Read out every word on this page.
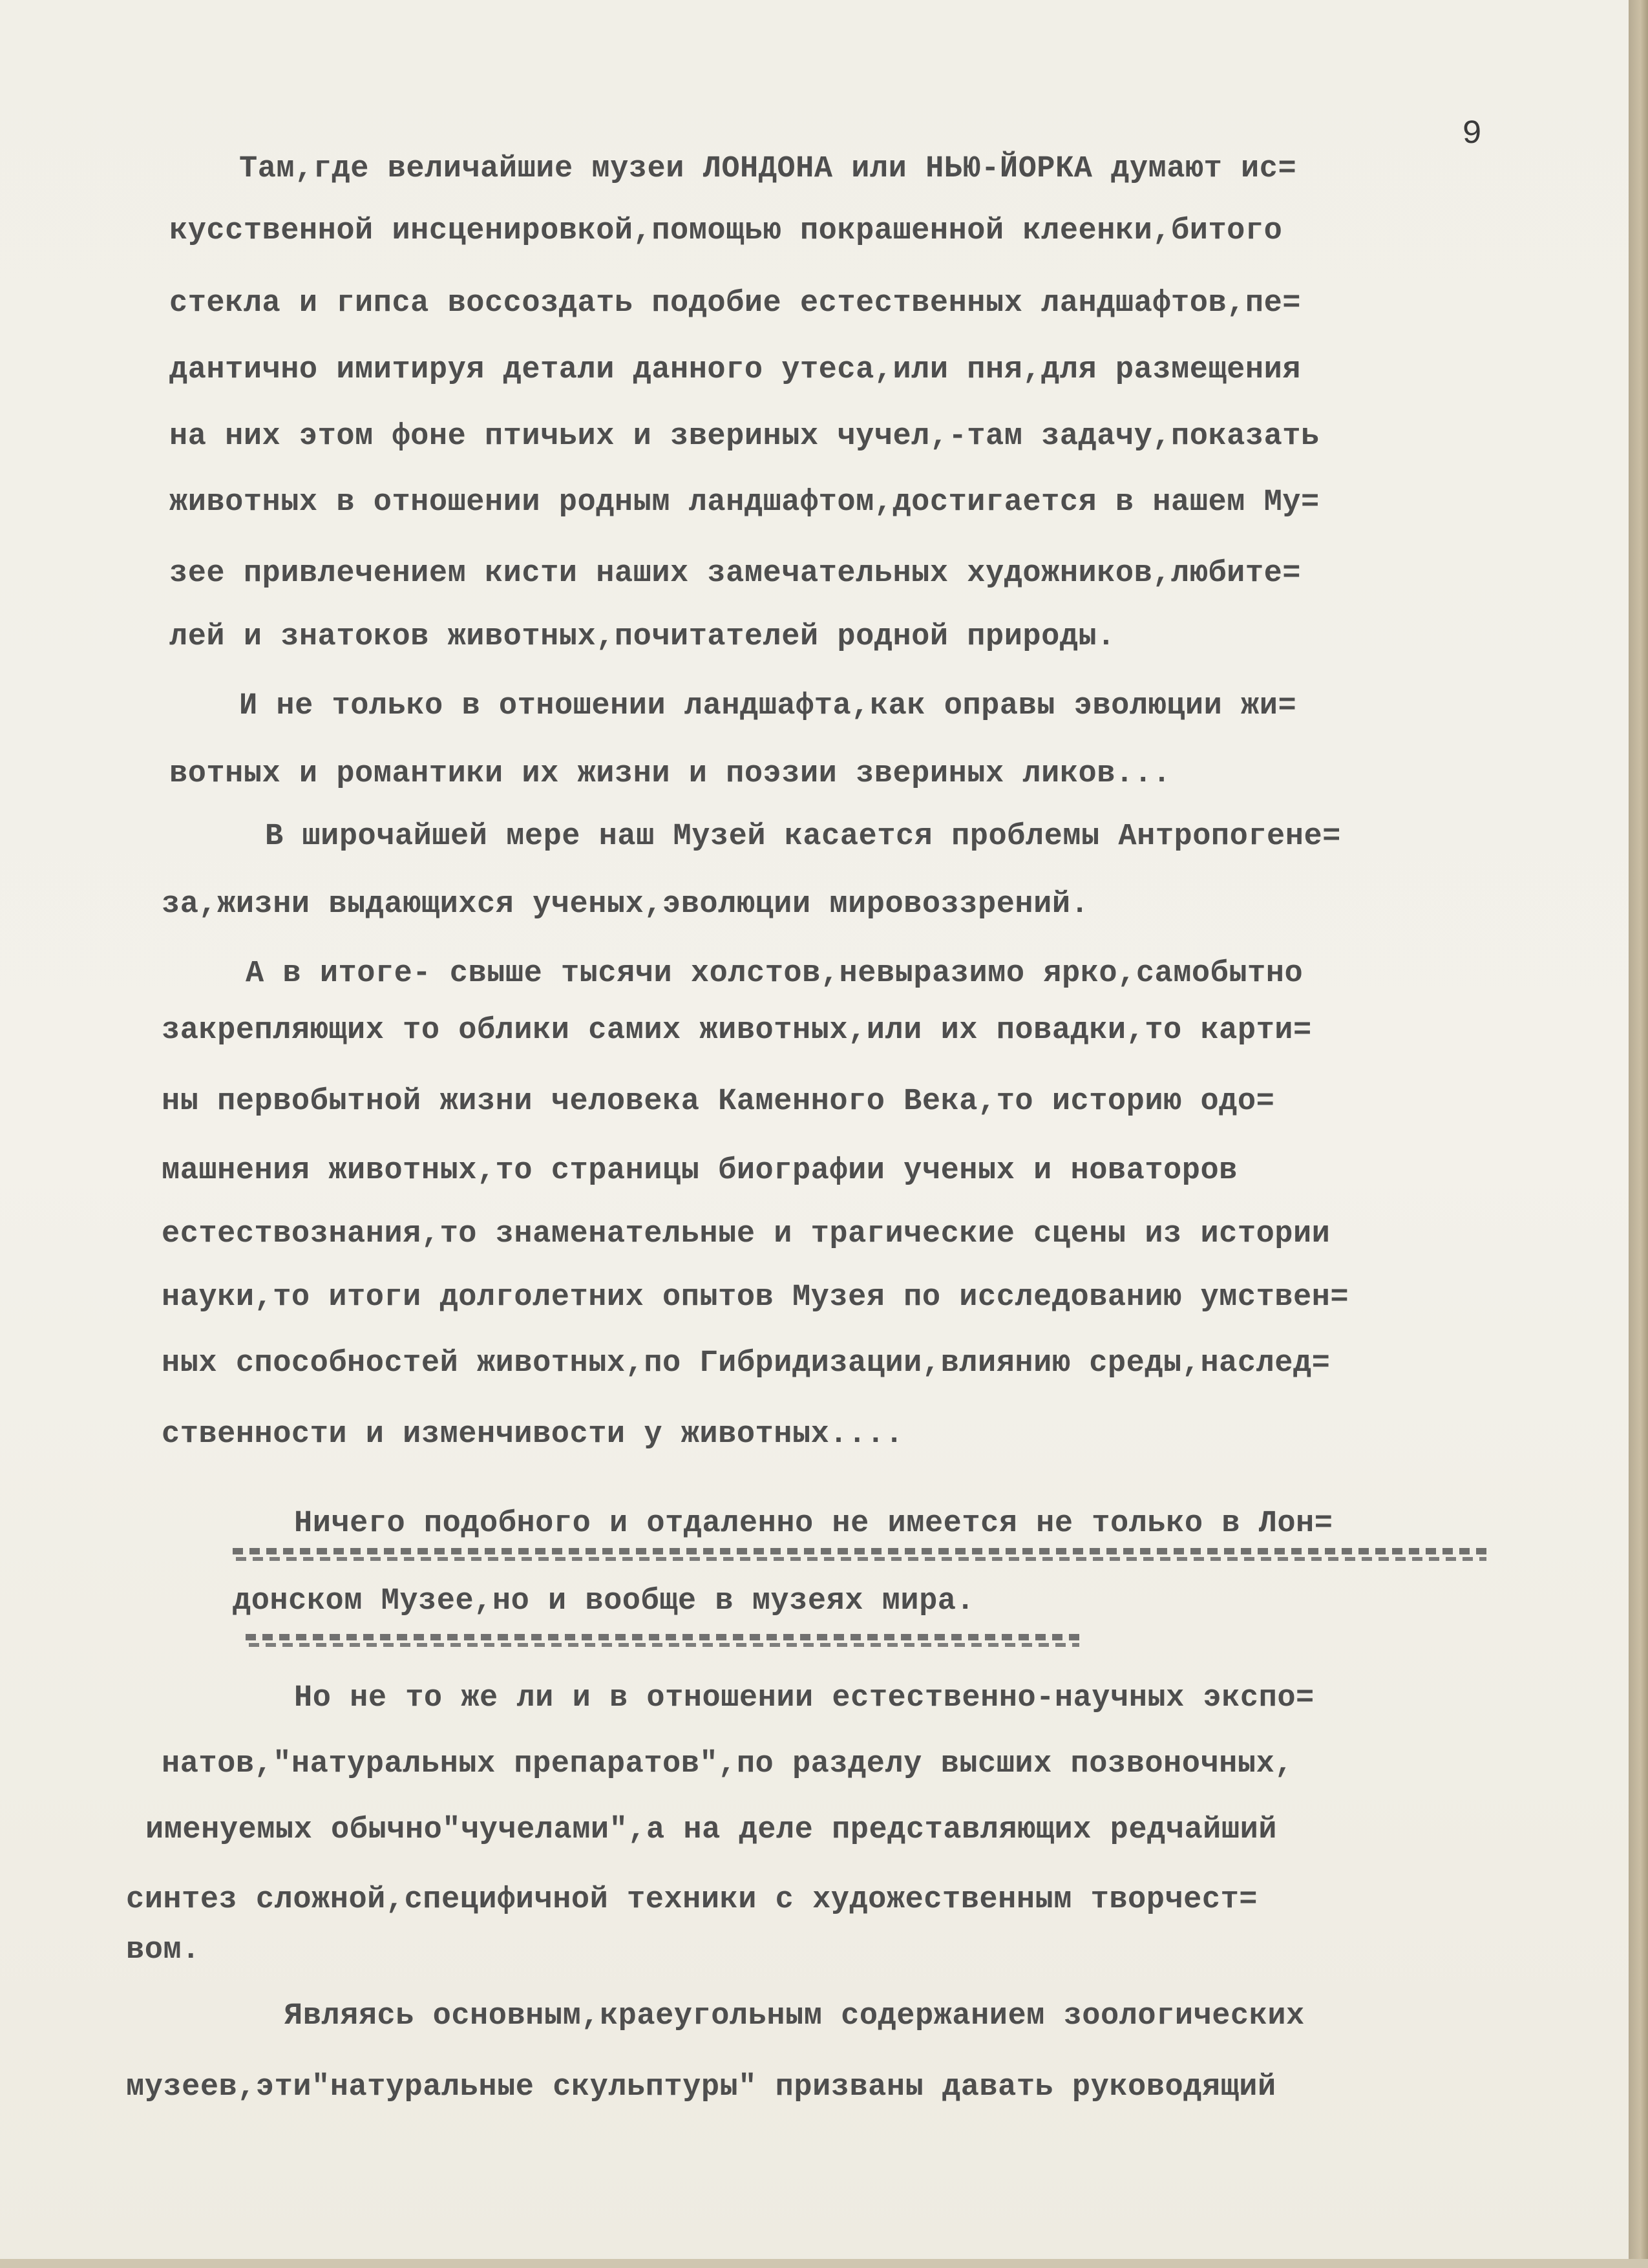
9
Там,где величайшие музеи ЛОНДОНА или НЬЮ-ЙОРКА думают ис=
кусственной инсценировкой,помощью покрашенной клеенки,битого
стекла и гипса воссоздать подобие естественных ландшафтов,пе=
дантично имитируя детали данного утеса,или пня,для размещения
на них этом фоне птичьих и звериных чучел,-там задачу,показать
животных в отношении родным ландшафтом,достигается в нашем Му=
зее привлечением кисти наших замечательных художников,любите=
лей и знатоков животных,почитателей родной природы.
И не только в отношении ландшафта,как оправы эволюции жи=
вотных и романтики их жизни и поэзии звериных ликов...
В широчайшей мере наш Музей касается проблемы Антропогене=
за,жизни выдающихся ученых,эволюции мировоззрений.
А в итоге- свыше тысячи холстов,невыразимо ярко,самобытно
закрепляющих то облики самих животных,или их повадки,то карти=
ны первобытной жизни человека Каменного Века,то историю одо=
машнения животных,то страницы биографии ученых и новаторов
естествознания,то знаменательные и трагические сцены из истории
науки,то итоги долголетних опытов Музея по исследованию умствен=
ных способностей животных,по Гибридизации,влиянию среды,наслед=
ственности и изменчивости у животных....
Ничего подобного и отдаленно не имеется не только в Лон=
донском Музее,но и вообще в музеях мира.
Но не то же ли и в отношении естественно-научных экспо=
натов,"натуральных препаратов",по разделу высших позвоночных,
именуемых обычно"чучелами",а на деле представляющих редчайший
синтез сложной,специфичной техники с художественным творчест=
вом.
Являясь основным,краеугольным содержанием зоологических
музеев,эти"натуральные скульптуры" призваны давать руководящий
